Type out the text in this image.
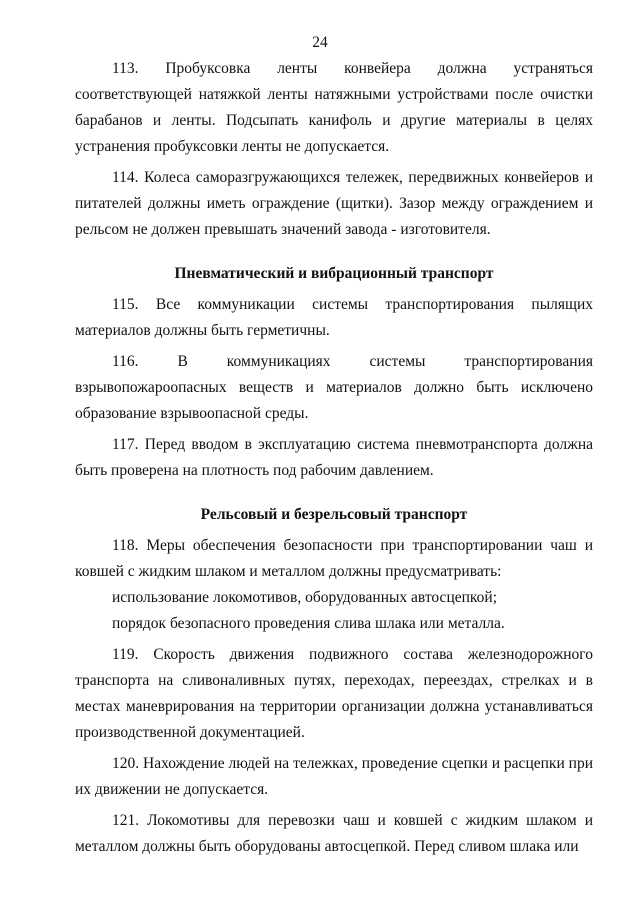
24

113. Пробуксовка ленты конвейера должна устраняться соответствующей натяжкой ленты натяжными устройствами после очистки барабанов и ленты. Подсыпать канифоль и другие материалы в целях устранения пробуксовки ленты не допускается.

114. Колеса саморазгружающихся тележек, передвижных конвейеров и питателей должны иметь ограждение (щитки). Зазор между ограждением и рельсом не должен превышать значений завода - изготовителя.

Пневматический и вибрационный транспорт

115. Все коммуникации системы транспортирования пылящих материалов должны быть герметичны.

116. В коммуникациях системы транспортирования взрывопожароопасных веществ и материалов должно быть исключено образование взрывоопасной среды.

117. Перед вводом в эксплуатацию система пневмотранспорта должна быть проверена на плотность под рабочим давлением.

Рельсовый и безрельсовый транспорт

118. Меры обеспечения безопасности при транспортировании чаш и ковшей с жидким шлаком и металлом должны предусматривать:

использование локомотивов, оборудованных автосцепкой;

порядок безопасного проведения слива шлака или металла.

119. Скорость движения подвижного состава железнодорожного транспорта на сливоналивных путях, переходах, переездах, стрелках и в местах маневрирования на территории организации должна устанавливаться производственной документацией.

120. Нахождение людей на тележках, проведение сцепки и расцепки при их движении не допускается.

121. Локомотивы для перевозки чаш и ковшей с жидким шлаком и металлом должны быть оборудованы автосцепкой. Перед сливом шлака или
